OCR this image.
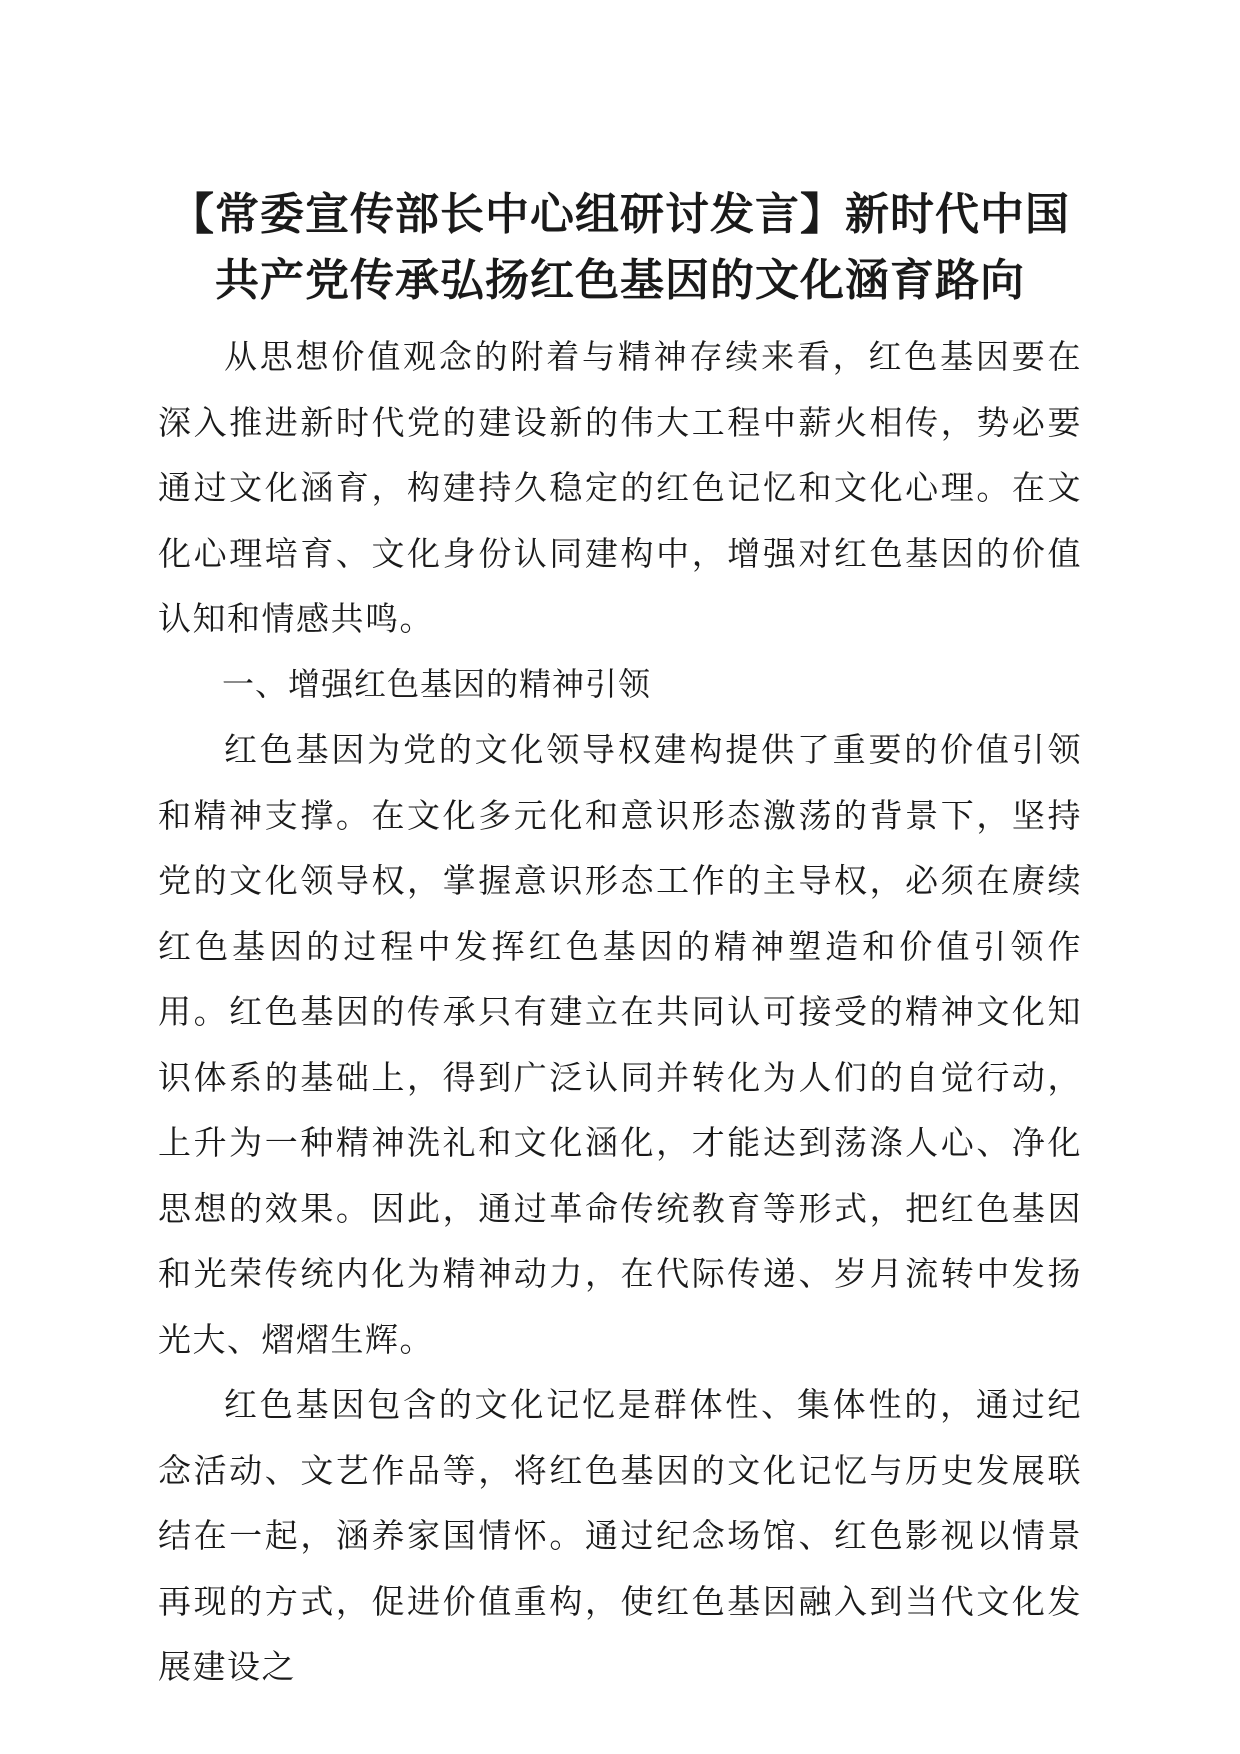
【常委宣传部长中心组研讨发言】新时代中国
共产党传承弘扬红色基因的文化涵育路向

从思想价值观念的附着与精神存续来看，红色基因要在深入推进新时代党的建设新的伟大工程中薪火相传，势必要通过文化涵育，构建持久稳定的红色记忆和文化心理。在文化心理培育、文化身份认同建构中，增强对红色基因的价值认知和情感共鸣。

一、增强红色基因的精神引领

红色基因为党的文化领导权建构提供了重要的价值引领和精神支撑。在文化多元化和意识形态激荡的背景下，坚持党的文化领导权，掌握意识形态工作的主导权，必须在赓续红色基因的过程中发挥红色基因的精神塑造和价值引领作用。红色基因的传承只有建立在共同认可接受的精神文化知识体系的基础上，得到广泛认同并转化为人们的自觉行动，上升为一种精神洗礼和文化涵化，才能达到荡涤人心、净化思想的效果。因此，通过革命传统教育等形式，把红色基因和光荣传统内化为精神动力，在代际传递、岁月流转中发扬光大、熠熠生辉。

红色基因包含的文化记忆是群体性、集体性的，通过纪念活动、文艺作品等，将红色基因的文化记忆与历史发展联结在一起，涵养家国情怀。通过纪念场馆、红色影视以情景再现的方式，促进价值重构，使红色基因融入到当代文化发展建设之
